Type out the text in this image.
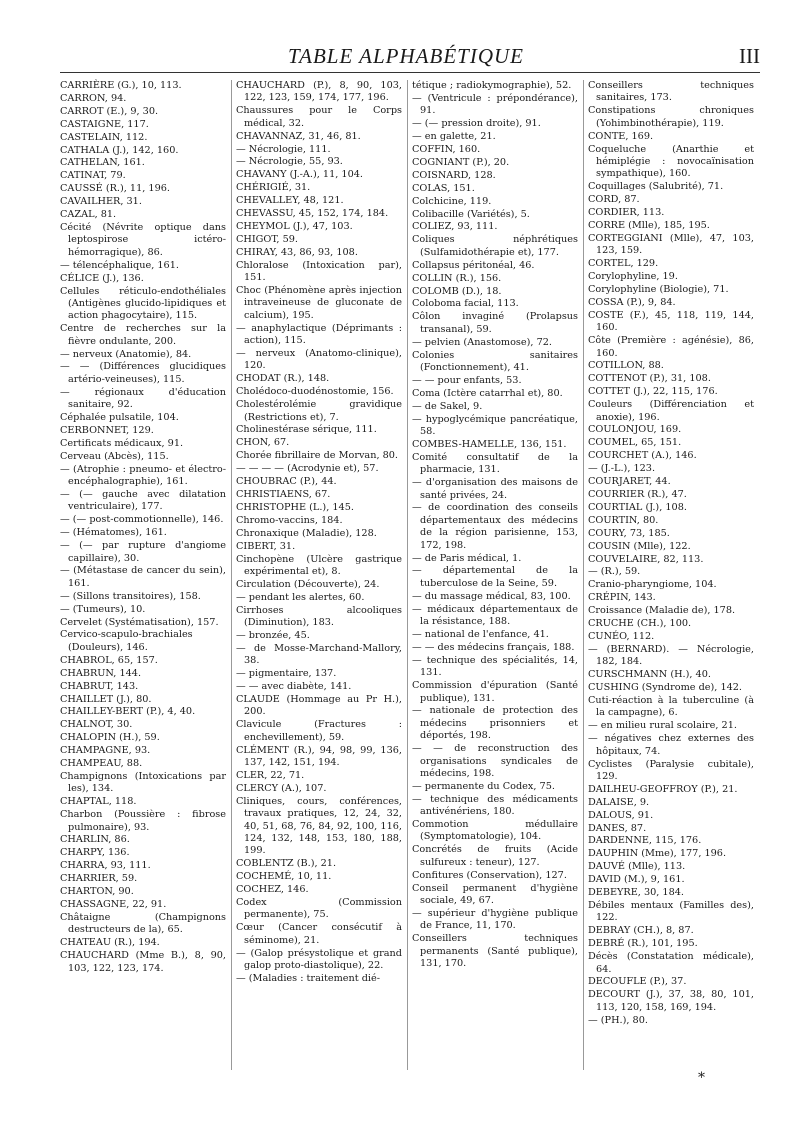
TABLE ALPHABÉTIQUE	III
CARRIÈRE (G.), 10, 113.
CARRON, 94.
CARROT (E.), 9, 30.
CASTAIGNE, 117.
CASTELAIN, 112.
CATHALA (J.), 142, 160.
CATHELAN, 161.
CATINAT, 79.
CAUSSÉ (R.), 11, 196.
CAVAILHER, 31.
CAZAL, 81.
Cécité (Névrite optique dans leptospirose ictéro-hémorragique), 86.
— télencéphalique, 161.
CÉLICE (J.), 136.
Cellules réticulo-endothéliales (Antigènes glucido-lipidiques et action phagocytaire), 115.
Centre de recherches sur la fièvre ondulante, 200.
— nerveux (Anatomie), 84.
— — (Différences glucidiques artério-veineuses), 115.
— régionaux d'éducation sanitaire, 92.
Céphalée pulsatile, 104.
CERBONNET, 129.
Certificats médicaux, 91.
Cerveau (Abcès), 115.
— (Atrophie : pneumo- et électro-encéphalographie), 161.
— (— gauche avec dilatation ventriculaire), 177.
— (— post-commotionnelle), 146.
— (Hématomes), 161.
— (— par rupture d'angiome capillaire), 30.
— (Métastase de cancer du sein), 161.
— (Sillons transitoires), 158.
— (Tumeurs), 10.
Cervelet (Systématisation), 157.
Cervico-scapulo-brachiales (Douleurs), 146.
CHABROL, 65, 157.
CHABRUN, 144.
CHABRUT, 143.
CHAILLET (J.), 80.
CHAILLEY-BERT (P.), 4, 40.
CHALNOT, 30.
CHALOPIN (H.), 59.
CHAMPAGNE, 93.
CHAMPEAU, 88.
Champignons (Intoxications par les), 134.
CHAPTAL, 118.
Charbon (Poussière : fibrose pulmonaire), 93.
CHARLIN, 86.
CHARPY, 136.
CHARRA, 93, 111.
CHARRIER, 59.
CHARTON, 90.
CHASSAGNE, 22, 91.
Châtaigne (Champignons destructeurs de la), 65.
CHATEAU (R.), 194.
CHAUCHARD (Mme B.), 8, 90, 103, 122, 123, 174.
CHAUCHARD (P.), 8, 90, 103, 122, 123, 159, 174, 177, 196.
Chaussures pour le Corps médical, 32.
CHAVANNAZ, 31, 46, 81.
— Nécrologie, 111.
— Nécrologie, 55, 93.
CHAVANY (J.-A.), 11, 104.
CHÉRIGIÉ, 31.
CHEVALLEY, 48, 121.
CHEVASSU, 45, 152, 174, 184.
CHEYMOL (J.), 47, 103.
CHIGOT, 59.
CHIRAY, 43, 86, 93, 108.
Chloralose (Intoxication par), 151.
Choc (Phénomène après injection intraveineuse de gluconate de calcium), 195.
— anaphylactique (Déprimants : action), 115.
— nerveux (Anatomo-clinique), 120.
CHODAT (R.), 148.
Cholédoco-duodénostomie, 156.
Cholestérolémie gravidique (Restrictions et), 7.
Cholinestérase sérique, 111.
CHON, 67.
Chorée fibrillaire de Morvan, 80.
— — — — (Acrodynie et), 57.
CHOUBRAC (P.), 44.
CHRISTIAENS, 67.
CHRISTOPHE (L.), 145.
Chromo-vaccins, 184.
Chronaxique (Maladie), 128.
CIBERT, 31.
Cinchopène (Ulcère gastrique expérimental et), 8.
Circulation (Découverte), 24.
— pendant les alertes, 60.
Cirrhoses alcooliques (Diminution), 183.
— bronzée, 45.
— de Mosse-Marchand-Mallory, 38.
— pigmentaire, 137.
— — avec diabète, 141.
CLAUDE (Hommage au Pr H.), 200.
Clavicule (Fractures : enchevillement), 59.
CLÉMENT (R.), 94, 98, 99, 136, 137, 142, 151, 194.
CLER, 22, 71.
CLERCY (A.), 107.
Cliniques, cours, conférences, travaux pratiques, 12, 24, 32, 40, 51, 68, 76, 84, 92, 100, 116, 124, 132, 148, 153, 180, 188, 199.
COBLENTZ (B.), 21.
COCHEMÉ, 10, 11.
COCHEZ, 146.
Codex (Commission permanente), 75.
Cœur (Cancer consécutif à séminome), 21.
— (Galop présystolique et grand galop proto-diastolique), 22.
— (Maladies : traitement dié-
tétique ; radiokymographie), 52.
— (Ventricule : prépondérance), 91.
— (— pression droite), 91.
— en galette, 21.
COFFIN, 160.
COGNIANT (P.), 20.
COISNARD, 128.
COLAS, 151.
Colchicine, 119.
Colibacille (Variétés), 5.
COLIEZ, 93, 111.
Coliques néphrétiques (Sulfamidothérapie et), 177.
Collapsus péritonéal, 46.
COLLIN (R.), 156.
COLOMB (D.), 18.
Coloboma facial, 113.
Côlon invaginé (Prolapsus transanal), 59.
— pelvien (Anastomose), 72.
Colonies sanitaires (Fonctionnement), 41.
— — pour enfants, 53.
Coma (Ictère catarrhal et), 80.
— de Sakel, 9.
— hypoglycémique pancréatique, 58.
COMBES-HAMELLE, 136, 151.
Comité consultatif de la pharmacie, 131.
— d'organisation des maisons de santé privées, 24.
— de coordination des conseils départementaux des médecins de la région parisienne, 153, 172, 198.
— de Paris médical, 1.
— départemental de la tuberculose de la Seine, 59.
— du massage médical, 83, 100.
— médicaux départementaux de la résistance, 188.
— national de l'enfance, 41.
— — des médecins français, 188.
— technique des spécialités, 14, 131.
Commission d'épuration (Santé publique), 131.
— nationale de protection des médecins prisonniers et déportés, 198.
— — de reconstruction des organisations syndicales de médecins, 198.
— permanente du Codex, 75.
— technique des médicaments antivénériens, 180.
Commotion médullaire (Symptomatologie), 104.
Concrétés de fruits (Acide sulfureux : teneur), 127.
Confitures (Conservation), 127.
Conseil permanent d'hygiène sociale, 49, 67.
— supérieur d'hygiène publique de France, 11, 170.
Conseillers techniques permanents (Santé publique), 131, 170.
Conseillers techniques sanitaires, 173.
Constipations chroniques (Yohimbinothérapie), 119.
CONTE, 169.
Coqueluche (Anarthie et hémiplégie : novocaïnisation sympathique), 160.
Coquillages (Salubrité), 71.
CORD, 87.
CORDIER, 113.
CORRE (Mlle), 185, 195.
CORTEGGIANI (Mlle), 47, 103, 123, 159.
CORTEL, 129.
Corylophyline, 19.
Corylophyline (Biologie), 71.
COSSA (P.), 9, 84.
COSTE (F.), 45, 118, 119, 144, 160.
Côte (Première : agénésie), 86, 160.
COTILLON, 88.
COTTENOT (P.), 31, 108.
COTTET (J.), 22, 115, 176.
Couleurs (Différenciation et anoxie), 196.
COULONJOU, 169.
COUMEL, 65, 151.
COURCHET (A.), 146.
— (J.-L.), 123.
COURJARET, 44.
COURRIER (R.), 47.
COURTIAL (J.), 108.
COURTIN, 80.
COURY, 73, 185.
COUSIN (Mlle), 122.
COUVELAIRE, 82, 113.
— (R.), 59.
Cranio-pharyngiome, 104.
CRÉPIN, 143.
Croissance (Maladie de), 178.
CRUCHE (CH.), 100.
CUNÉO, 112.
— (BERNARD). — Nécrologie, 182, 184.
CURSCHMANN (H.), 40.
CUSHING (Syndrome de), 142.
Cuti-réaction à la tuberculine (à la campagne), 6.
— en milieu rural scolaire, 21.
— négatives chez externes des hôpitaux, 74.
Cyclistes (Paralysie cubitale), 129.
DAILHEU-GEOFFROY (P.), 21.
DALAISE, 9.
DALOUS, 91.
DANES, 87.
DARDENNE, 115, 176.
DAUPHIN (Mme), 177, 196.
DAUVÉ (Mlle), 113.
DAVID (M.), 9, 161.
DEBEYRE, 30, 184.
Débiles mentaux (Familles des), 122.
DEBRAY (CH.), 8, 87.
DEBRÉ (R.), 101, 195.
Décès (Constatation médicale), 64.
DECOUFLE (P.), 37.
DECOURT (J.), 37, 38, 80, 101, 113, 120, 158, 169, 194.
— (PH.), 80.
*
